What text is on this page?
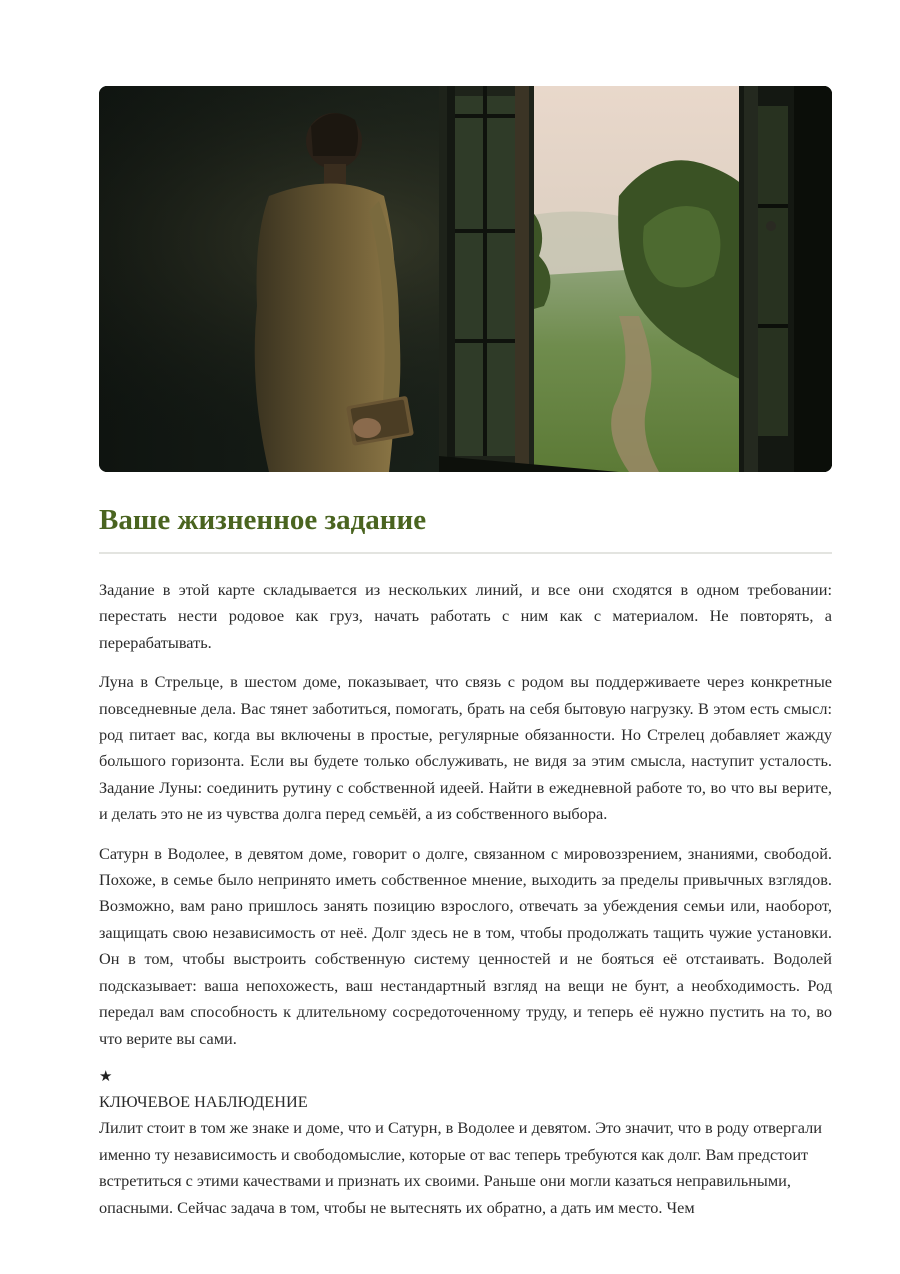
Ваше жизненное задание

Задание в этой карте складывается из нескольких линий, и все они сходятся в одном требовании: перестать нести родовое как груз, начать работать с ним как с материалом. Не повторять, а перерабатывать.

Луна в Стрельце, в шестом доме, показывает, что связь с родом вы поддерживаете через конкретные повседневные дела. Вас тянет заботиться, помогать, брать на себя бытовую нагрузку. В этом есть смысл: род питает вас, когда вы включены в простые, регулярные обязанности. Но Стрелец добавляет жажду большого горизонта. Если вы будете только обслуживать, не видя за этим смысла, наступит усталость. Задание Луны: соединить рутину с собственной идеей. Найти в ежедневной работе то, во что вы верите, и делать это не из чувства долга перед семьёй, а из собственного выбора.

Сатурн в Водолее, в девятом доме, говорит о долге, связанном с мировоззрением, знаниями, свободой. Похоже, в семье было непринято иметь собственное мнение, выходить за пределы привычных взглядов. Возможно, вам рано пришлось занять позицию взрослого, отвечать за убеждения семьи или, наоборот, защищать свою независимость от неё. Долг здесь не в том, чтобы продолжать тащить чужие установки. Он в том, чтобы выстроить собственную систему ценностей и не бояться её отстаивать. Водолей подсказывает: ваша непохожесть, ваш нестандартный взгляд на вещи не бунт, а необходимость. Род передал вам способность к длительному сосредоточенному труду, и теперь её нужно пустить на то, во что верите вы сами.

★
КЛЮЧЕВОЕ НАБЛЮДЕНИЕ
Лилит стоит в том же знаке и доме, что и Сатурн, в Водолее и девятом. Это значит, что в роду отвергали именно ту независимость и свободомыслие, которые от вас теперь требуются как долг. Вам предстоит встретиться с этими качествами и признать их своими. Раньше они могли казаться неправильными, опасными. Сейчас задача в том, чтобы не вытеснять их обратно, а дать им место. Чем
